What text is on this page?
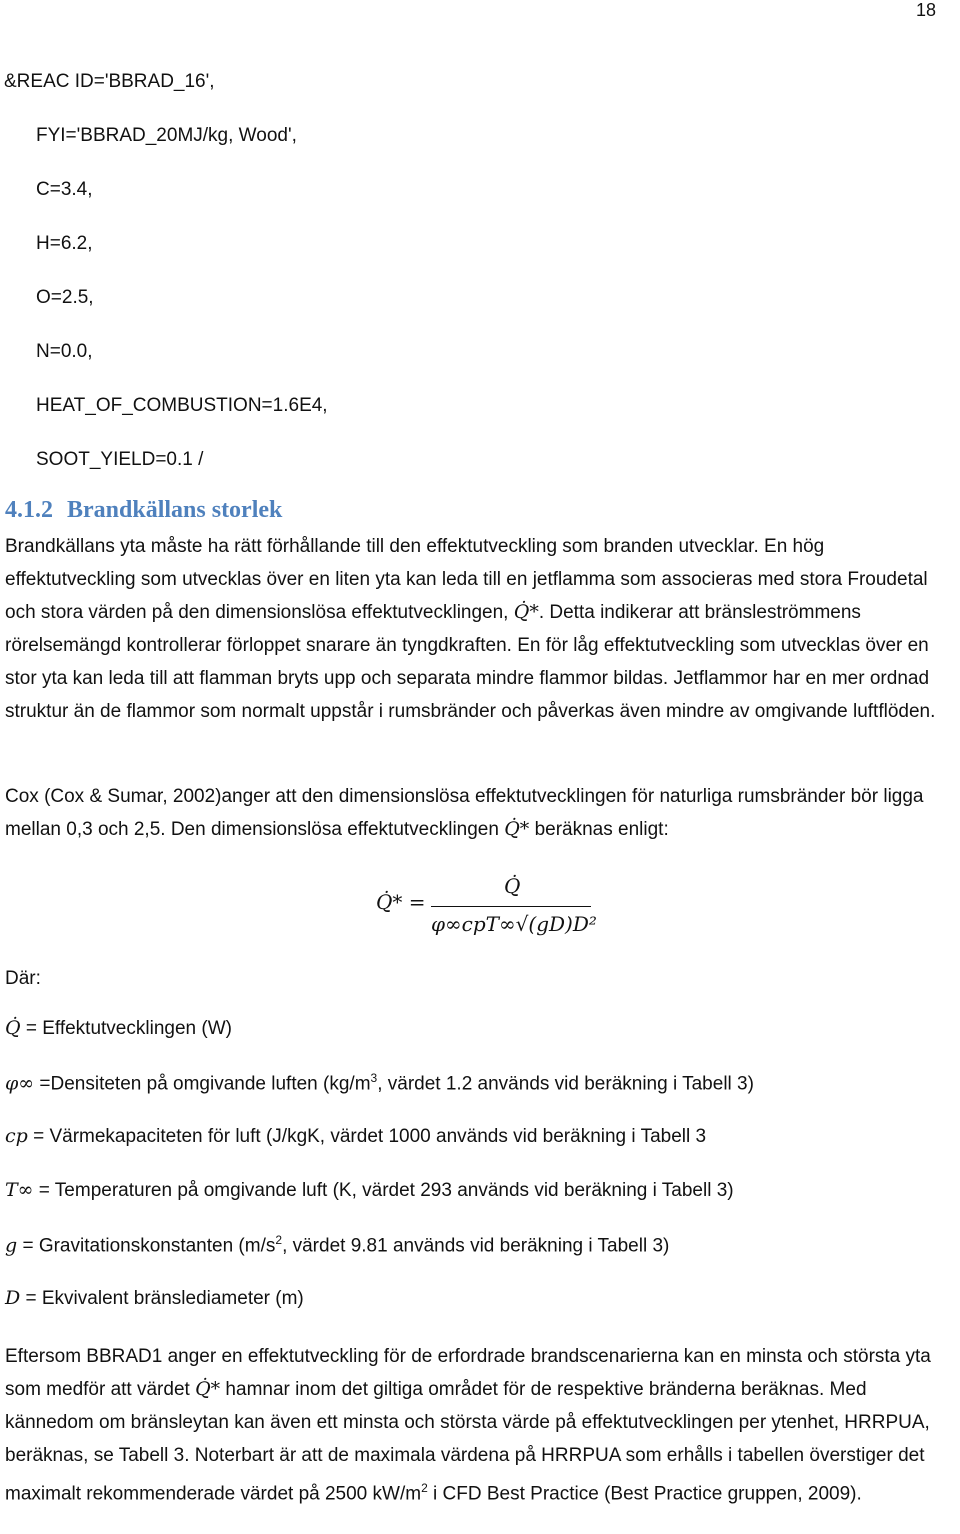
18
&REAC ID='BBRAD_16',
FYI='BBRAD_20MJ/kg, Wood',
C=3.4,
H=6.2,
O=2.5,
N=0.0,
HEAT_OF_COMBUSTION=1.6E4,
SOOT_YIELD=0.1 /
4.1.2 Brandkällans storlek
Brandkällans yta måste ha rätt förhållande till den effektutveckling som branden utvecklar. En hög effektutveckling som utvecklas över en liten yta kan leda till en jetflamma som associeras med stora Froudetal och stora värden på den dimensionslösa effektutvecklingen, Q̇*. Detta indikerar att bränsleströmmens rörelsemängd kontrollerar förloppet snarare än tyngdkraften. En för låg effektutveckling som utvecklas över en stor yta kan leda till att flamman bryts upp och separata mindre flammor bildas. Jetflammor har en mer ordnad struktur än de flammor som normalt uppstår i rumsbränder och påverkas även mindre av omgivande luftflöden.
Cox (Cox & Sumar, 2002)anger att den dimensionslösa effektutvecklingen för naturliga rumsbränder bör ligga mellan 0,3 och 2,5. Den dimensionslösa effektutvecklingen Q̇* beräknas enligt:
Q̇* =
Q̇
φ∞cpT∞√(gD)D²
Där:
Q̇ = Effektutvecklingen (W)
φ∞ =Densiteten på omgivande luften ($kg/m^3$, värdet 1.2 används vid beräkning i Tabell 3)
cp = Värmekapaciteten för luft (J/kgK, värdet 1000 används vid beräkning i Tabell 3
T∞ = Temperaturen på omgivande luft (K, värdet 293 används vid beräkning i Tabell 3)
g = Gravitationskonstanten ($m/s^2$, värdet 9.81 används vid beräkning i Tabell 3)
D = Ekvivalent bränslediameter (m)
Eftersom BBRAD1 anger en effektutveckling för de erfordrade brandscenarierna kan en minsta och största yta som medför att värdet Q̇* hamnar inom det giltiga området för de respektive bränderna beräknas. Med kännedom om bränsleytan kan även ett minsta och största värde på effektutvecklingen per ytenhet, HRRPUA, beräknas, se Tabell 3. Noterbart är att de maximala värdena på HRRPUA som erhålls i tabellen överstiger det maximalt rekommenderade värdet på 2500 $kW/m^2$ i CFD Best Practice (Best Practice gruppen, 2009).
